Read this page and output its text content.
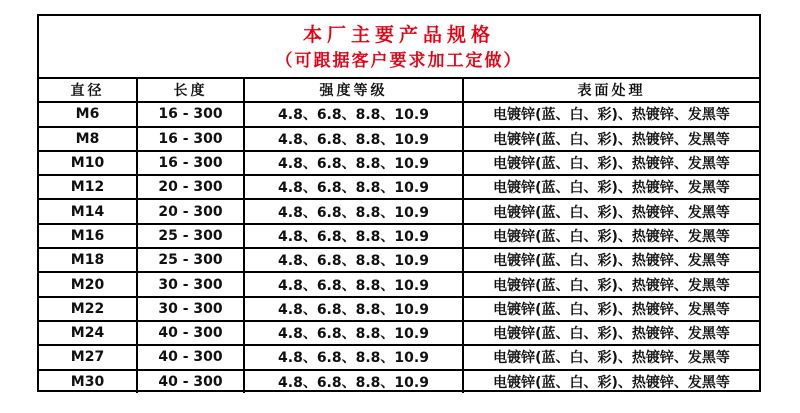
本厂主要产品规格
（可跟据客户要求加工定做）
直径	长度	强度等级	表面处理
M6	16 - 300	4.8、6.8、8.8、10.9	电镀锌(蓝、白、彩)、热镀锌、发黑等
M8	16 - 300	4.8、6.8、8.8、10.9	电镀锌(蓝、白、彩)、热镀锌、发黑等
M10	16 - 300	4.8、6.8、8.8、10.9	电镀锌(蓝、白、彩)、热镀锌、发黑等
M12	20 - 300	4.8、6.8、8.8、10.9	电镀锌(蓝、白、彩)、热镀锌、发黑等
M14	20 - 300	4.8、6.8、8.8、10.9	电镀锌(蓝、白、彩)、热镀锌、发黑等
M16	25 - 300	4.8、6.8、8.8、10.9	电镀锌(蓝、白、彩)、热镀锌、发黑等
M18	25 - 300	4.8、6.8、8.8、10.9	电镀锌(蓝、白、彩)、热镀锌、发黑等
M20	30 - 300	4.8、6.8、8.8、10.9	电镀锌(蓝、白、彩)、热镀锌、发黑等
M22	30 - 300	4.8、6.8、8.8、10.9	电镀锌(蓝、白、彩)、热镀锌、发黑等
M24	40 - 300	4.8、6.8、8.8、10.9	电镀锌(蓝、白、彩)、热镀锌、发黑等
M27	40 - 300	4.8、6.8、8.8、10.9	电镀锌(蓝、白、彩)、热镀锌、发黑等
M30	40 - 300	4.8、6.8、8.8、10.9	电镀锌(蓝、白、彩)、热镀锌、发黑等
